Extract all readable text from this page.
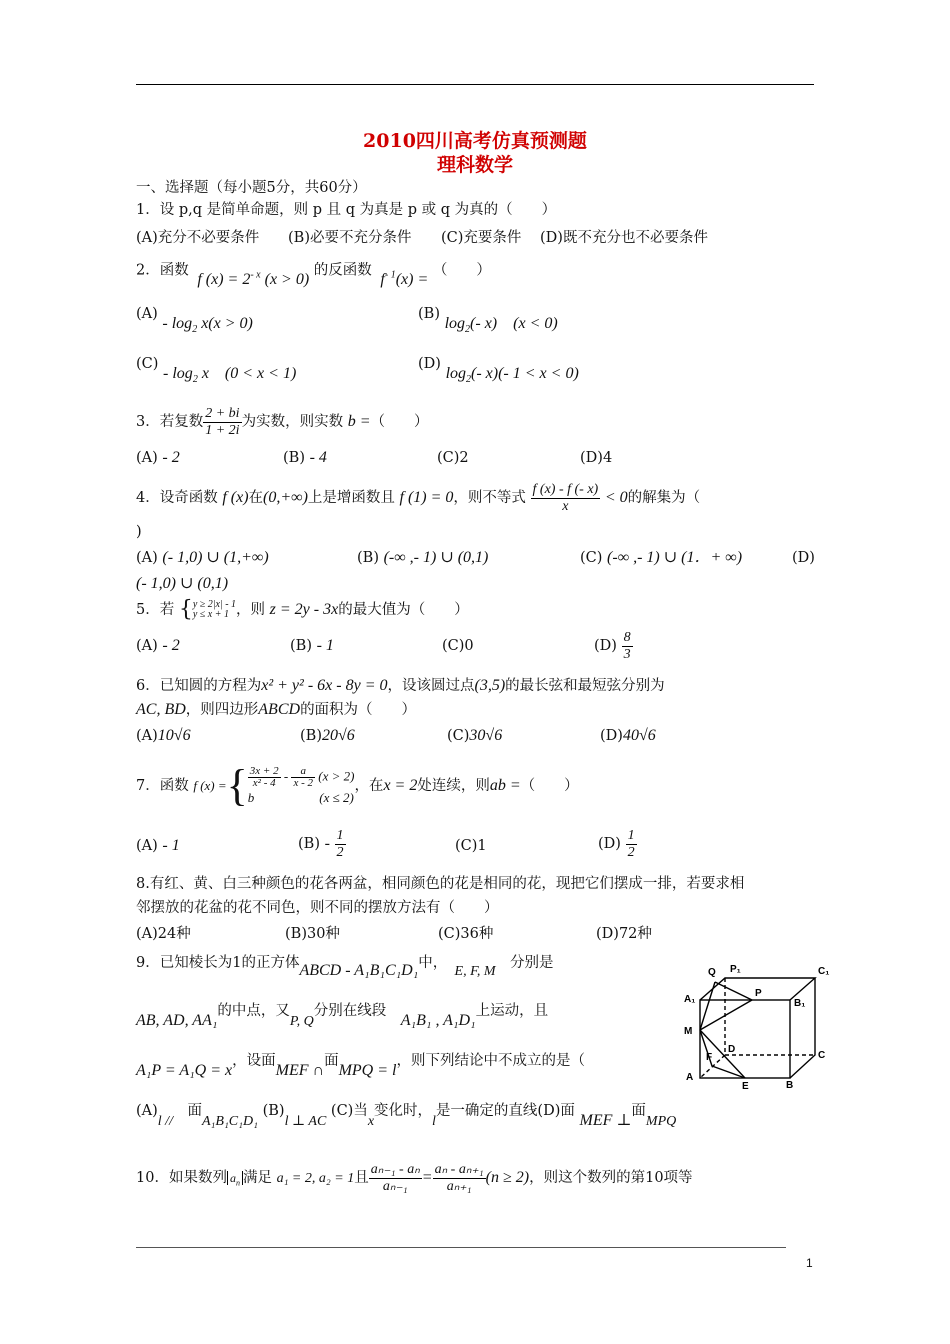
2010四川高考仿真预测题
理科数学
一、选择题（每小题5分，共60分）
1．设 p,q 是简单命题，则 p 且 q 为真是 p 或 q 为真的（　　）
(A)充分不必要条件 (B)必要不充分条件 (C)充要条件 (D)既不充分也不必要条件
2．函数 f $(x) = 2^{- x}$ (x > 0) 的反函数 $f^{- 1}(x)$ = （　　）
$(A) - \log_2 x(x > 0)$
(B) $\log_2(-$ x)　(x < 0)
$(C) - \log_2 x$　(0 < x < 1)
(D) $\log_2(-$ x)(- 1 < x < 0)
3．若复数 $\frac{2 + bi}{1 + 2i}$ 为实数，则实数 b =（　　）
(A) - 2	(B) - 4	(C)2	(D)4
4．设奇函数 f (x)在(0,+∞)上是增函数且 f (1) = 0，则不等式 $\frac{f (x) - f (- x)}{x} < 0$的解集为（
)
(A) (- 1,0) ∪ (1,+∞)	(B) (-∞ ,- 1) ∪ (0,1)	(C) (-∞ ,- 1) ∪ (1．+ ∞)	(D)
(- 1,0) ∪ (0,1)
5．若 { y ≥ 2|x| - 1
y ≤ x + 1 ，则 z = 2y - 3x的最大值为（　　）
(A) - 2	(B) - 1	(C)0	$(D) \frac{8}{3}$
6．已知圆的方程为x² + y² - 6x - 8y = 0，设该圆过点(3,5)的最长弦和最短弦分别为
AC, BD，则四边形ABCD的面积为（　　）
(A)10√6	(B)20√6	(C)30√6	(D)40√6
7．函数 f (x) ={ $\frac{3x + 2}{\text{x² - 4}} - \frac{a}{x - 2} (x > 2)$
b　　　　　	(x ≤ 2)
，在x = 2处连续，则ab =（　　）
(A) - 1	$(B) - \frac{1}{2}$	(C)1	$(D) \frac{1}{2}$
8.有红、黄、白三种颜色的花各两盆，相同颜色的花是相同的花，现把它们摆成一排，若要求相
邻摆放的花盆的花不同色，则不同的摆放方法有（　　）
(A)24种	(B)30种	(C)36种	(D)72种
9．已知棱长为1的正方体ABCD - A₁B₁C₁D₁中，　E, F, M　分别是
AB, AD, AA₁的中点，又P, Q分别在线段　A₁B₁ , A₁D₁上运动，且
A₁P = A₁Q = x，设面MEF ∩面MPQ = l，则下列结论中不成立的是（
(A)l //　面A₁B₁C₁D₁ (B)l ⊥ AC (C)当x变化时，l是一确定的直线(D)面 MEF ⊥面MPQ
Q P₁	C₁
A₁
P
B₁
M
D
C
F
A
E	B
10．如果数列 $a_n$ 满足 a₁ = 2, a₂ = 1且 $\frac{\text{aₙ₋₁ - aₙ}}{\text{aₙ₋₁}} = \frac{\text{aₙ - aₙ₊₁}}{\text{aₙ₊₁}} (n \ge 2)$，则这个数列的第10项等
1
